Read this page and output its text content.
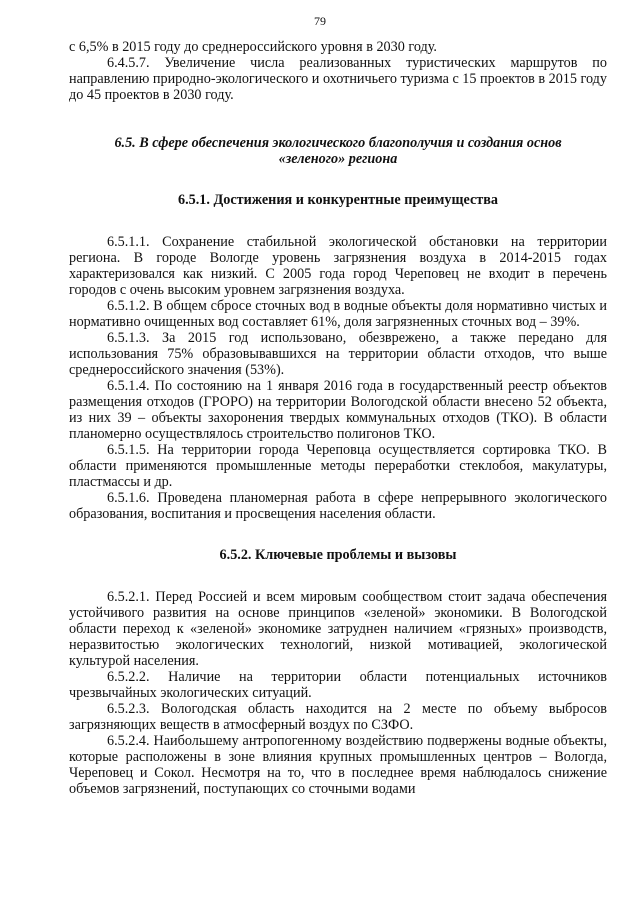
79

с 6,5% в 2015 году до среднероссийского уровня в 2030 году.

6.4.5.7. Увеличение числа реализованных туристических маршрутов по направлению природно-экологического и охотничьего туризма с 15 проектов в 2015 году до 45 проектов в 2030 году.

6.5. В сфере обеспечения экологического благополучия и создания основ
«зеленого» региона
6.5.1. Достижения и конкурентные преимущества

6.5.1.1. Сохранение стабильной экологической обстановки на территории региона. В городе Вологде уровень загрязнения воздуха в 2014-2015 годах характеризовался как низкий. С 2005 года город Череповец не входит в перечень городов с очень высоким уровнем загрязнения воздуха.

6.5.1.2. В общем сбросе сточных вод в водные объекты доля нормативно чистых и нормативно очищенных вод составляет 61%, доля загрязненных сточных вод – 39%.

6.5.1.3. За 2015 год использовано, обезврежено, а также передано для использования 75% образовывавшихся на территории области отходов, что выше среднероссийского значения (53%).

6.5.1.4. По состоянию на 1 января 2016 года в государственный реестр объектов размещения отходов (ГРОРО) на территории Вологодской области внесено 52 объекта, из них 39 – объекты захоронения твердых коммунальных отходов (ТКО). В области планомерно осуществлялось строительство полигонов ТКО.

6.5.1.5. На территории города Череповца осуществляется сортировка ТКО. В области применяются промышленные методы переработки стеклобоя, макулатуры, пластмассы и др.

6.5.1.6. Проведена планомерная работа в сфере непрерывного экологического образования, воспитания и просвещения населения области.

6.5.2. Ключевые проблемы и вызовы

6.5.2.1. Перед Россией и всем мировым сообществом стоит задача обеспечения устойчивого развития на основе принципов «зеленой» экономики. В Вологодской области переход к «зеленой» экономике затруднен наличием «грязных» производств, неразвитостью экологических технологий, низкой мотивацией, экологической культурой населения.

6.5.2.2. Наличие на территории области потенциальных источников чрезвычайных экологических ситуаций.

6.5.2.3. Вологодская область находится на 2 месте по объему выбросов загрязняющих веществ в атмосферный воздух по СЗФО.

6.5.2.4. Наибольшему антропогенному воздействию подвержены водные объекты, которые расположены в зоне влияния крупных промышленных центров – Вологда, Череповец и Сокол. Несмотря на то, что в последнее время наблюдалось снижение объемов загрязнений, поступающих со сточными водами
